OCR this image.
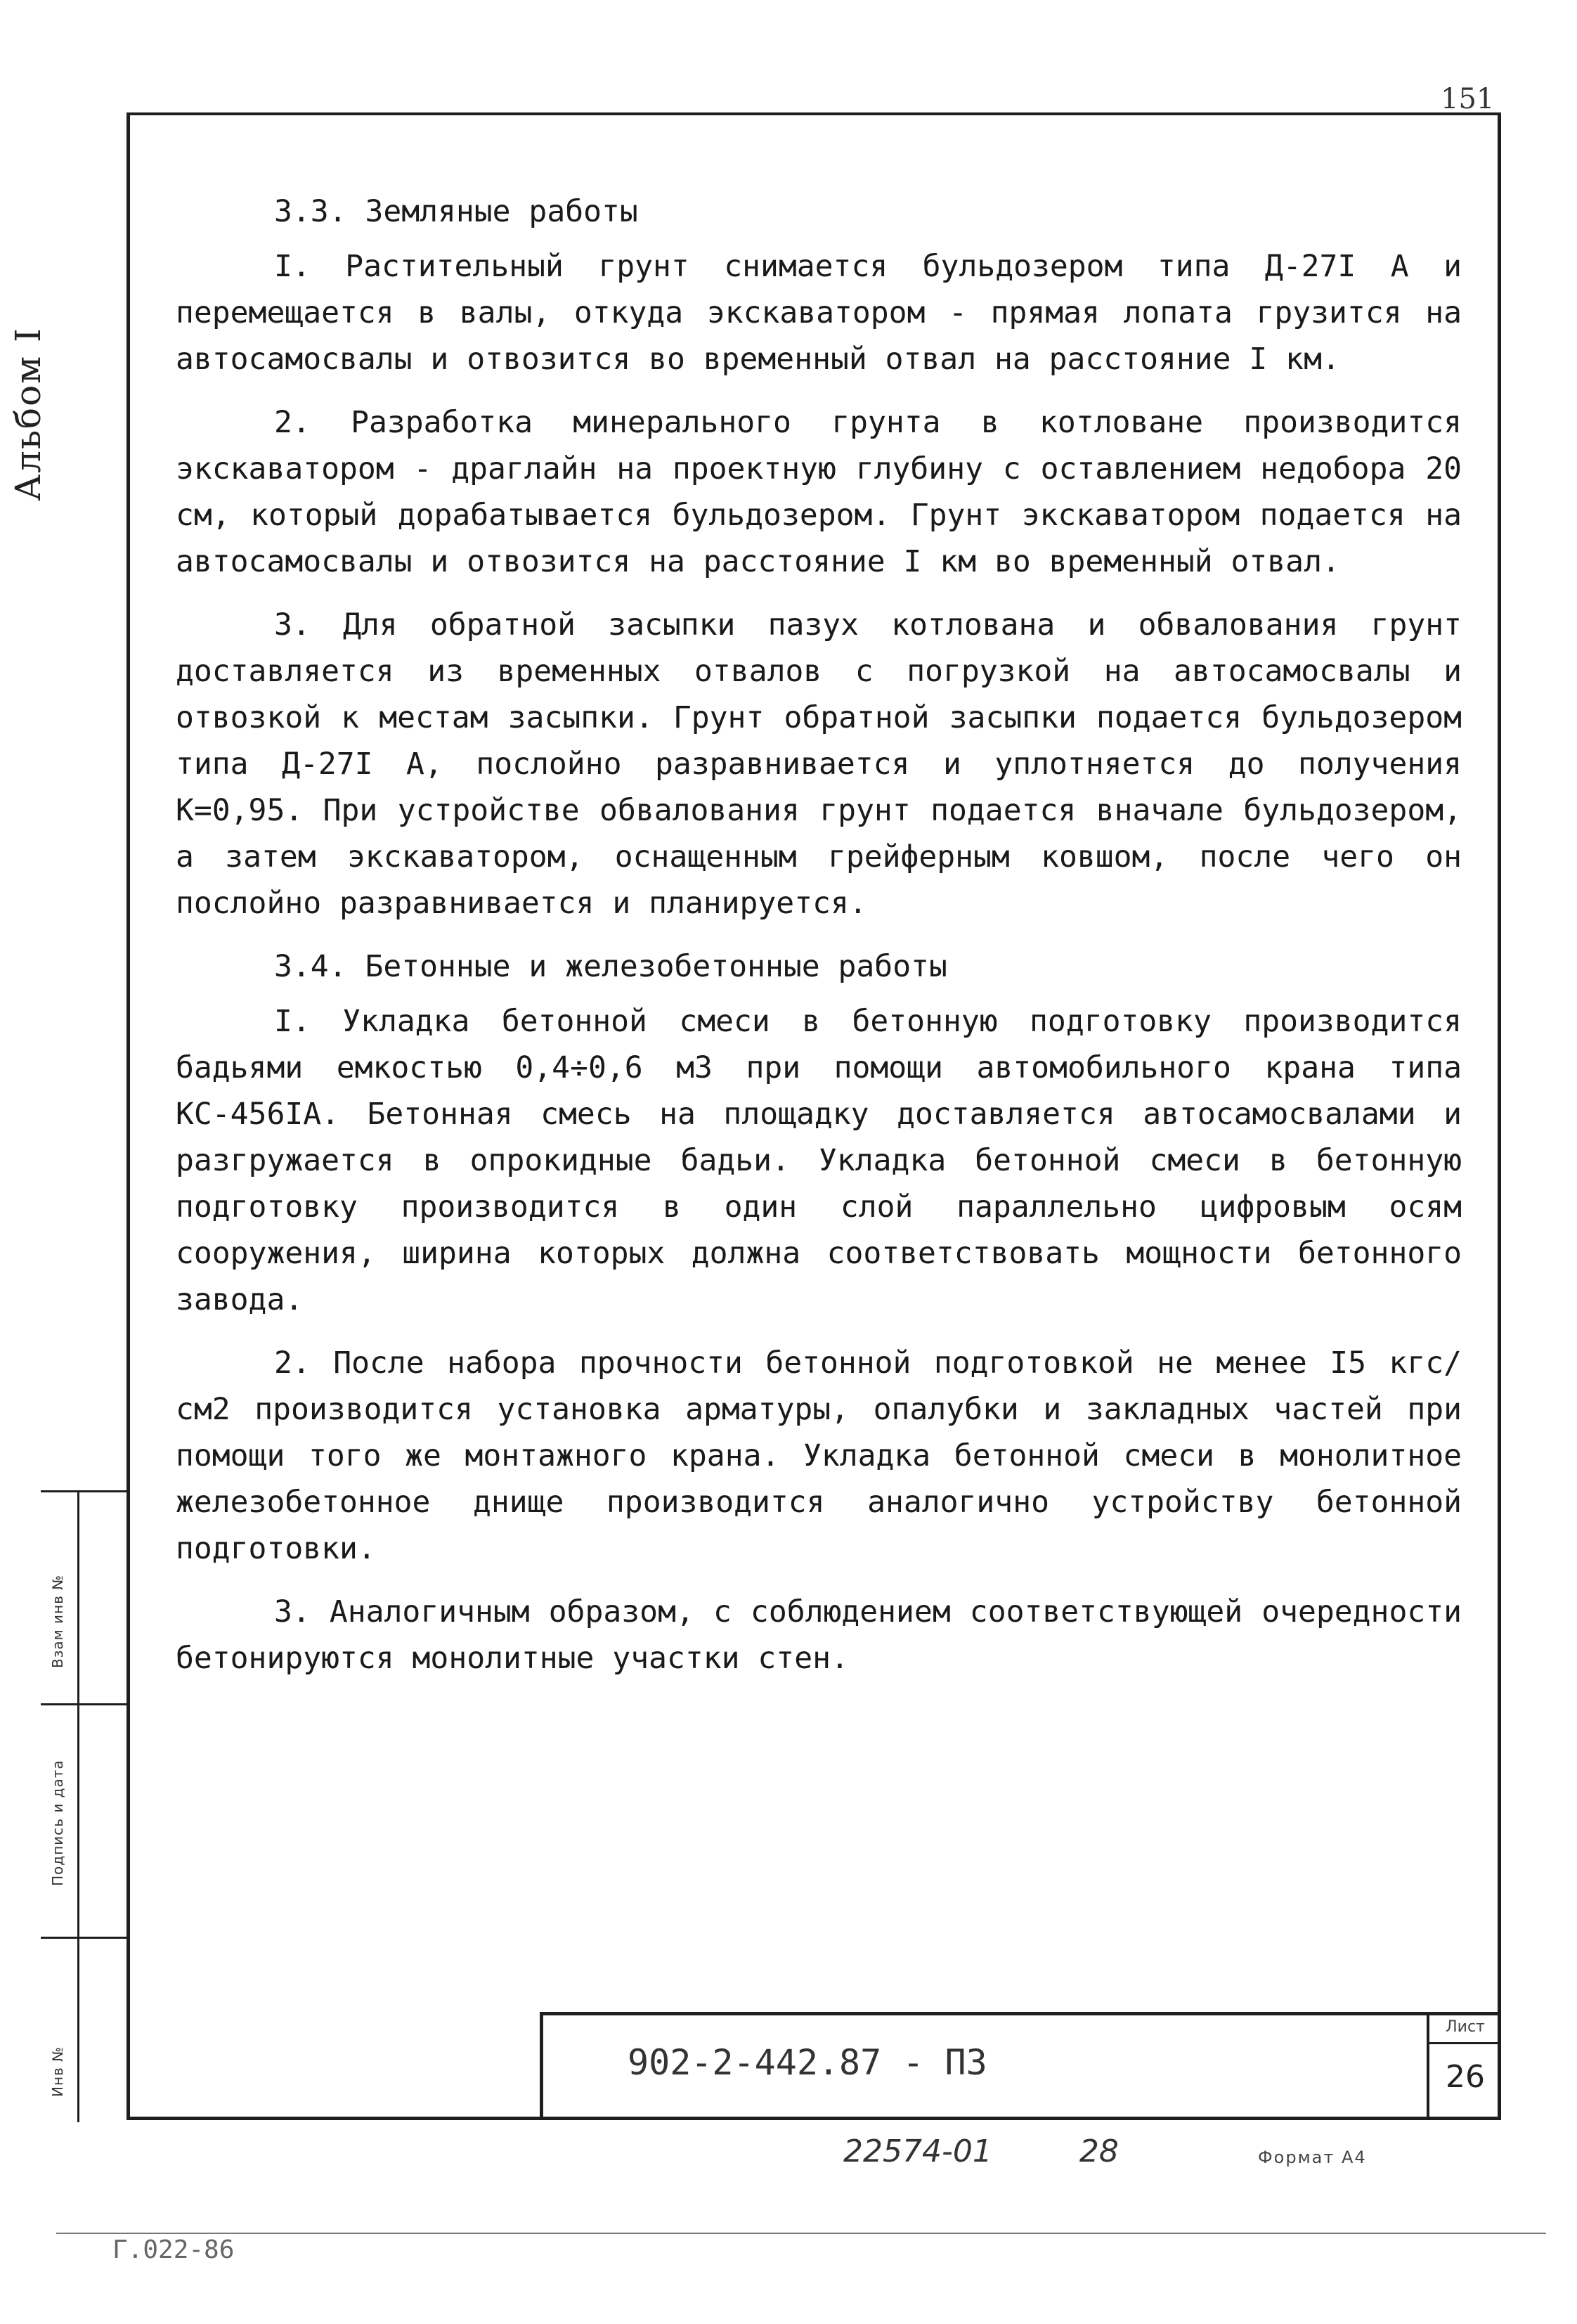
151
Альбом I
Взам инв №
Подпись и дата
Инв №
3.3. Земляные работы

I. Растительный грунт снимается бульдозером типа Д-27I А и перемещается в валы, откуда экскаватором - прямая лопата грузится на автосамосвалы и отвозится во временный отвал на расстояние I км.

2. Разработка минерального грунта в котловане производится экскаватором - драглайн на проектную глубину с оставлением недобора 20 см, который дорабатывается бульдозером. Грунт экскаватором подается на автосамосвалы и отвозится на расстояние I км во временный отвал.

3. Для обратной засыпки пазух котлована и обвалования грунт доставляется из временных отвалов с погрузкой на автосамосвалы и отвозкой к местам засыпки. Грунт обратной засыпки подается бульдозером типа Д-27I А, послойно разравнивается и уплотняется до получения К=0,95. При устройстве обвалования грунт подается вначале бульдозером, а затем экскаватором, оснащенным грейферным ковшом, после чего он послойно разравнивается и планируется.

3.4. Бетонные и железобетонные работы

I. Укладка бетонной смеси в бетонную подготовку производится бадьями емкостью 0,4÷0,6 м3 при помощи автомобильного крана типа КС-456IА. Бетонная смесь на площадку доставляется автосамосвалами и разгружается в опрокидные бадьи. Укладка бетонной смеси в бетонную подготовку производится в один слой параллельно цифровым осям сооружения, ширина которых должна соответствовать мощности бетонного завода.

2. После набора прочности бетонной подготовкой не менее I5 кгс/см2 производится установка арматуры, опалубки и закладных частей при помощи того же монтажного крана. Укладка бетонной смеси в монолитное железобетонное днище производится аналогично устройству бетонной подготовки.

3. Аналогичным образом, с соблюдением соответствующей очередности бетонируются монолитные участки стен.

902-2-442.87 - ПЗ
Лист
26
22574-01	28	Формат А4
Г.022-86
